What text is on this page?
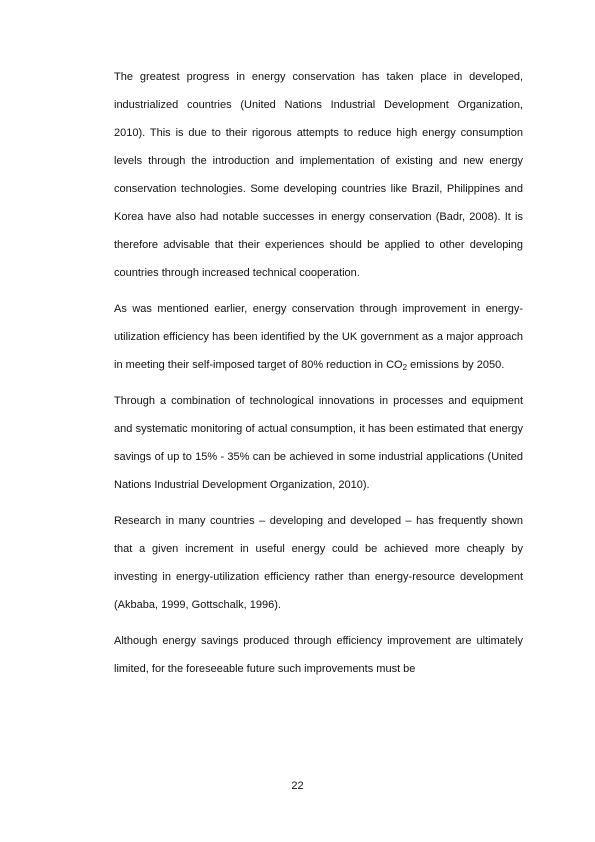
The greatest progress in energy conservation has taken place in developed, industrialized countries (United Nations Industrial Development Organization, 2010). This is due to their rigorous attempts to reduce high energy consumption levels through the introduction and implementation of existing and new energy conservation technologies. Some developing countries like Brazil, Philippines and Korea have also had notable successes in energy conservation (Badr, 2008). It is therefore advisable that their experiences should be applied to other developing countries through increased technical cooperation.

As was mentioned earlier, energy conservation through improvement in energy-utilization efficiency has been identified by the UK government as a major approach in meeting their self-imposed target of 80% reduction in $CO_2$ emissions by 2050.

Through a combination of technological innovations in processes and equipment and systematic monitoring of actual consumption, it has been estimated that energy savings of up to 15% - 35% can be achieved in some industrial applications (United Nations Industrial Development Organization, 2010).

Research in many countries – developing and developed – has frequently shown that a given increment in useful energy could be achieved more cheaply by investing in energy-utilization efficiency rather than energy-resource development (Akbaba, 1999, Gottschalk, 1996).

Although energy savings produced through efficiency improvement are ultimately limited, for the foreseeable future such improvements must be

22
